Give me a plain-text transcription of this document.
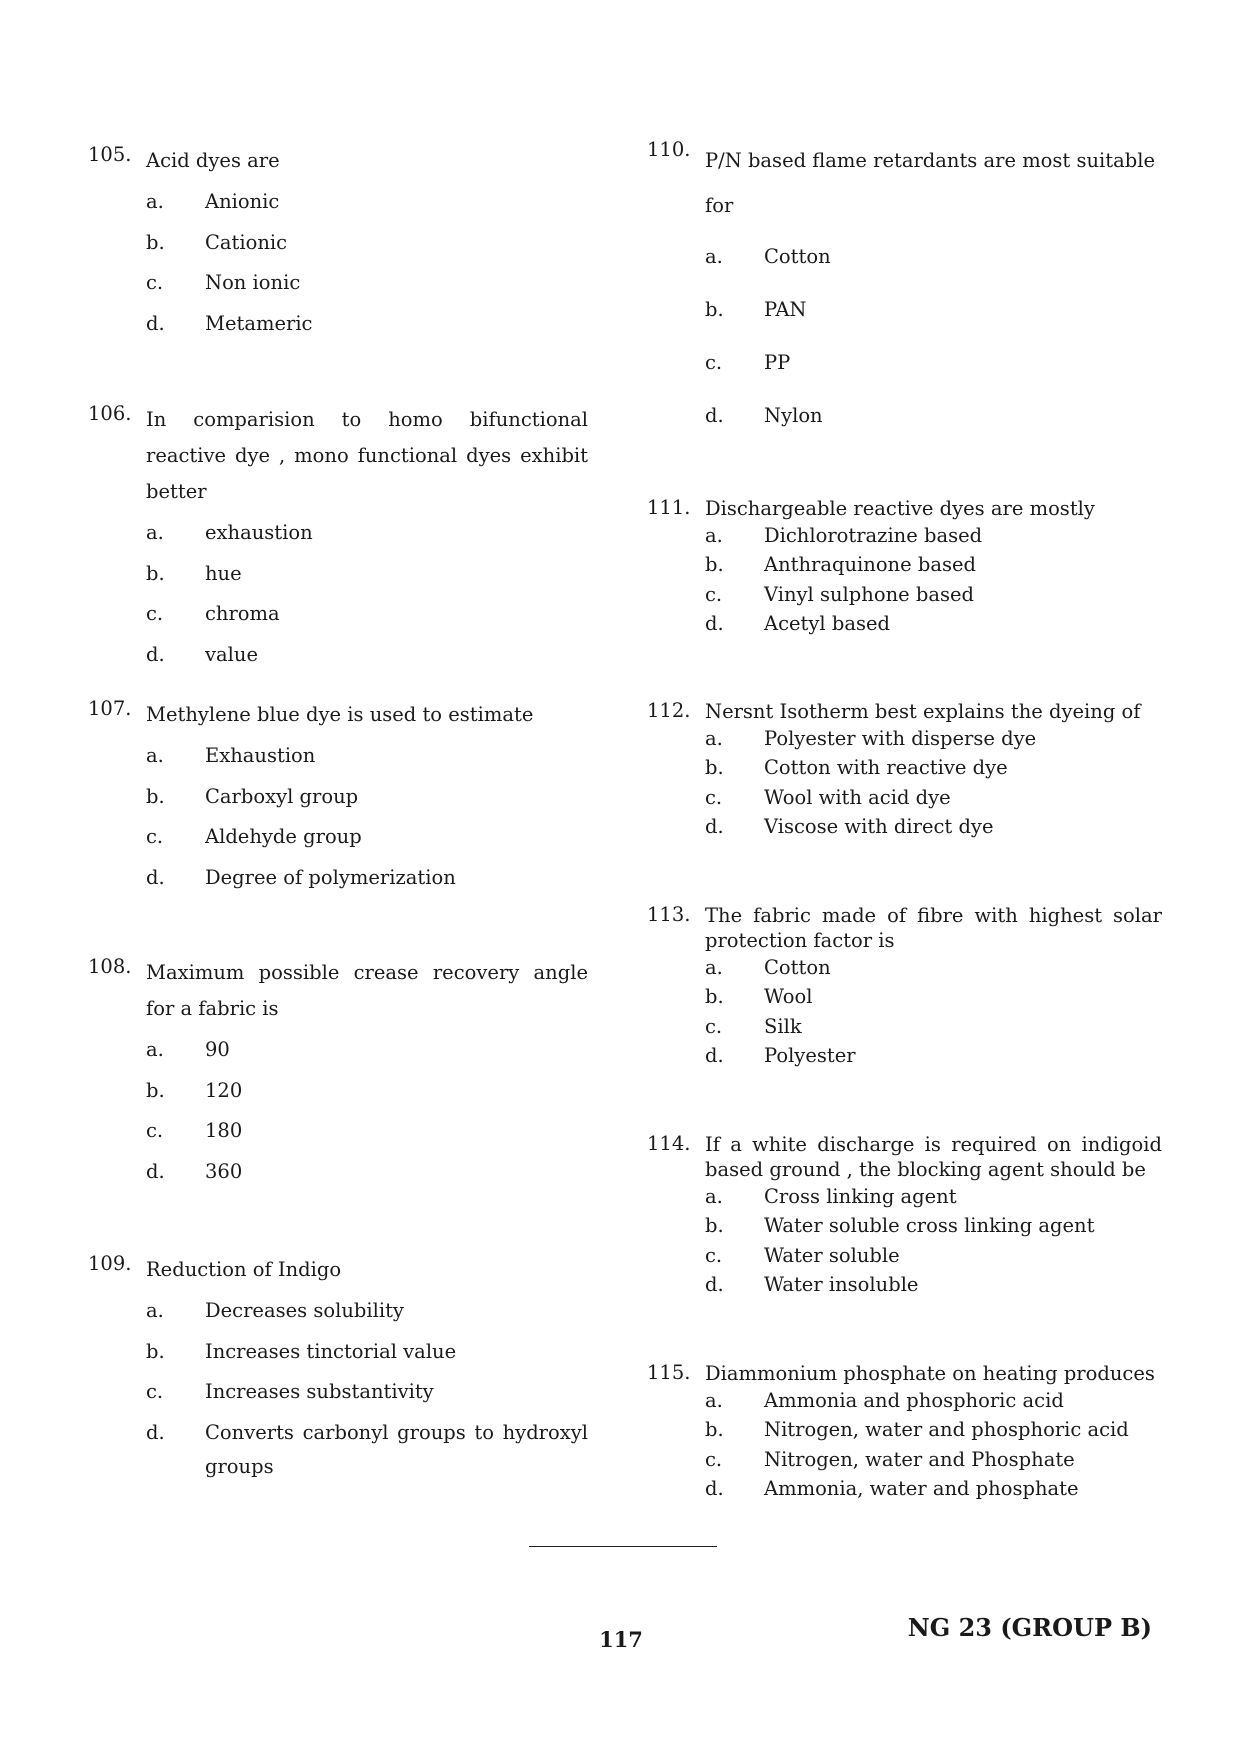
105. Acid dyes are
a.	Anionic
b.	Cationic
c.	Non ionic
d.	Metameric
106. In comparision to homo bifunctional reactive dye , mono functional dyes exhibit better
a.	exhaustion
b.	hue
c.	chroma
d.	value
107. Methylene blue dye is used to estimate
a.	Exhaustion
b.	Carboxyl group
c.	Aldehyde group
d.	Degree of polymerization
108. Maximum possible crease recovery angle for a fabric is
a.	90
b.	120
c.	180
d.	360
109. Reduction of Indigo
a.	Decreases solubility
b.	Increases tinctorial value
c.	Increases substantivity
d.	Converts carbonyl groups to hydroxyl groups
110. P/N based flame retardants are most suitable for
a.	Cotton
b.	PAN
c.	PP
d.	Nylon
111. Dischargeable reactive dyes are mostly
a.	Dichlorotrazine based
b.	Anthraquinone based
c.	Vinyl sulphone based
d.	Acetyl based
112. Nersnt Isotherm best explains the dyeing of
a.	Polyester with disperse dye
b.	Cotton with reactive dye
c.	Wool with acid dye
d.	Viscose with direct dye
113. The fabric made of fibre with highest solar protection factor is
a.	Cotton
b.	Wool
c.	Silk
d.	Polyester
114. If a white discharge is required on indigoid based ground , the blocking agent should be
a.	Cross linking agent
b.	Water soluble cross linking agent
c.	Water soluble
d.	Water insoluble
115. Diammonium phosphate on heating produces
a.	Ammonia and phosphoric acid
b.	Nitrogen, water and phosphoric acid
c.	Nitrogen, water and Phosphate
d.	Ammonia, water and phosphate
117	NG 23 (GROUP B)
